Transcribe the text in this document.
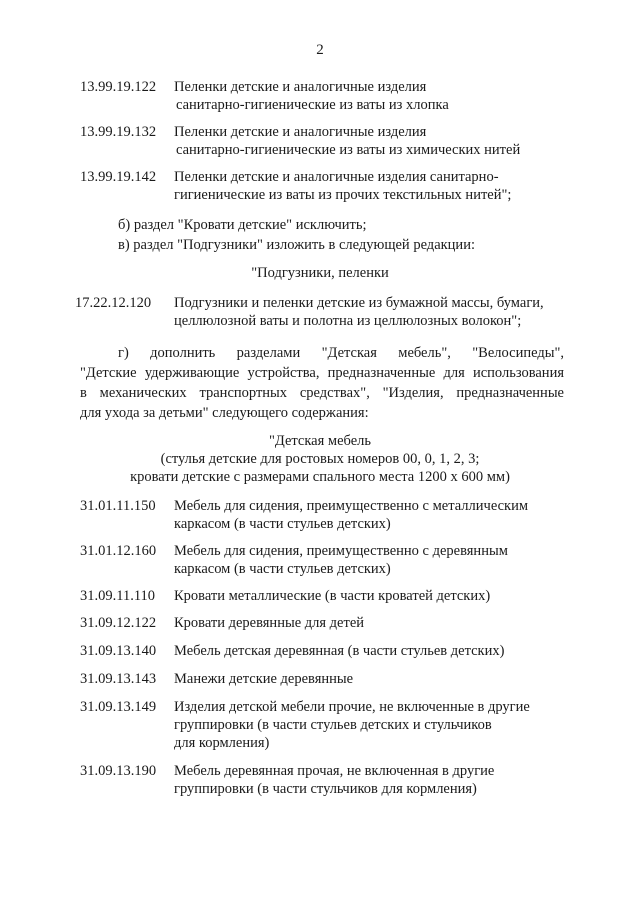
2
13.99.19.122 Пеленки детские и аналогичные изделия
санитарно-гигиенические из ваты из хлопка
13.99.19.132 Пеленки детские и аналогичные изделия
санитарно-гигиенические из ваты из химических нитей
13.99.19.142 Пеленки детские и аналогичные изделия санитарно-
гигиенические из ваты из прочих текстильных нитей";
б) раздел "Кровати детские" исключить;
в) раздел "Подгузники" изложить в следующей редакции:
"Подгузники, пеленки
17.22.12.120 Подгузники и пеленки детские из бумажной массы, бумаги,
целлюлозной ваты и полотна из целлюлозных волокон";
г) дополнить разделами "Детская мебель", "Велосипеды",
"Детские удерживающие устройства, предназначенные для использования
в механических транспортных средствах", "Изделия, предназначенные
для ухода за детьми" следующего содержания:
"Детская мебель
(стулья детские для ростовых номеров 00, 0, 1, 2, 3;
кровати детские с размерами спального места 1200 х 600 мм)
31.01.11.150 Мебель для сидения, преимущественно с металлическим
каркасом (в части стульев детских)
31.01.12.160 Мебель для сидения, преимущественно с деревянным
каркасом (в части стульев детских)
31.09.11.110 Кровати металлические (в части кроватей детских)
31.09.12.122 Кровати деревянные для детей
31.09.13.140 Мебель детская деревянная (в части стульев детских)
31.09.13.143 Манежи детские деревянные
31.09.13.149 Изделия детской мебели прочие, не включенные в другие
группировки (в части стульев детских и стульчиков
для кормления)
31.09.13.190 Мебель деревянная прочая, не включенная в другие
группировки (в части стульчиков для кормления)
